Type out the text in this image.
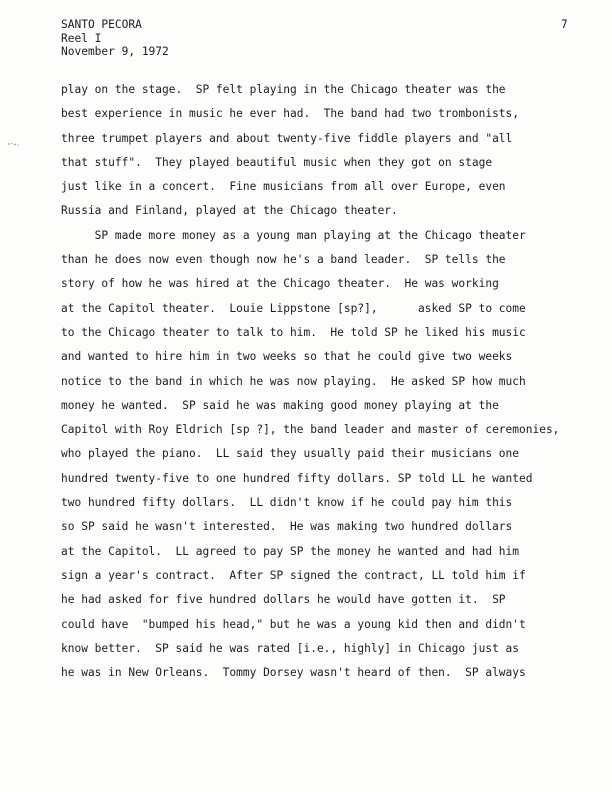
SANTO PECORA
Reel I
November 9, 1972
7
play on the stage.  SP felt playing in the Chicago theater was the
best experience in music he ever had.  The band had two trombonists,
three trumpet players and about twenty-five fiddle players and "all
that stuff".  They played beautiful music when they got on stage
just like in a concert.  Fine musicians from all over Europe, even
Russia and Finland, played at the Chicago theater.
SP made more money as a young man playing at the Chicago theater
than he does now even though now he's a band leader.  SP tells the
story of how he was hired at the Chicago theater.  He was working
at the Capitol theater.  Louie Lippstone [sp?],      asked SP to come
to the Chicago theater to talk to him.  He told SP he liked his music
and wanted to hire him in two weeks so that he could give two weeks
notice to the band in which he was now playing.  He asked SP how much
money he wanted.  SP said he was making good money playing at the
Capitol with Roy Eldrich [sp ?], the band leader and master of ceremonies,
who played the piano.  LL said they usually paid their musicians one
hundred twenty-five to one hundred fifty dollars. SP told LL he wanted
two hundred fifty dollars.  LL didn't know if he could pay him this
so SP said he wasn't interested.  He was making two hundred dollars
at the Capitol.  LL agreed to pay SP the money he wanted and had him
sign a year's contract.  After SP signed the contract, LL told him if
he had asked for five hundred dollars he would have gotten it.  SP
could have  "bumped his head," but he was a young kid then and didn't
know better.  SP said he was rated [i.e., highly] in Chicago just as
he was in New Orleans.  Tommy Dorsey wasn't heard of then.  SP always
